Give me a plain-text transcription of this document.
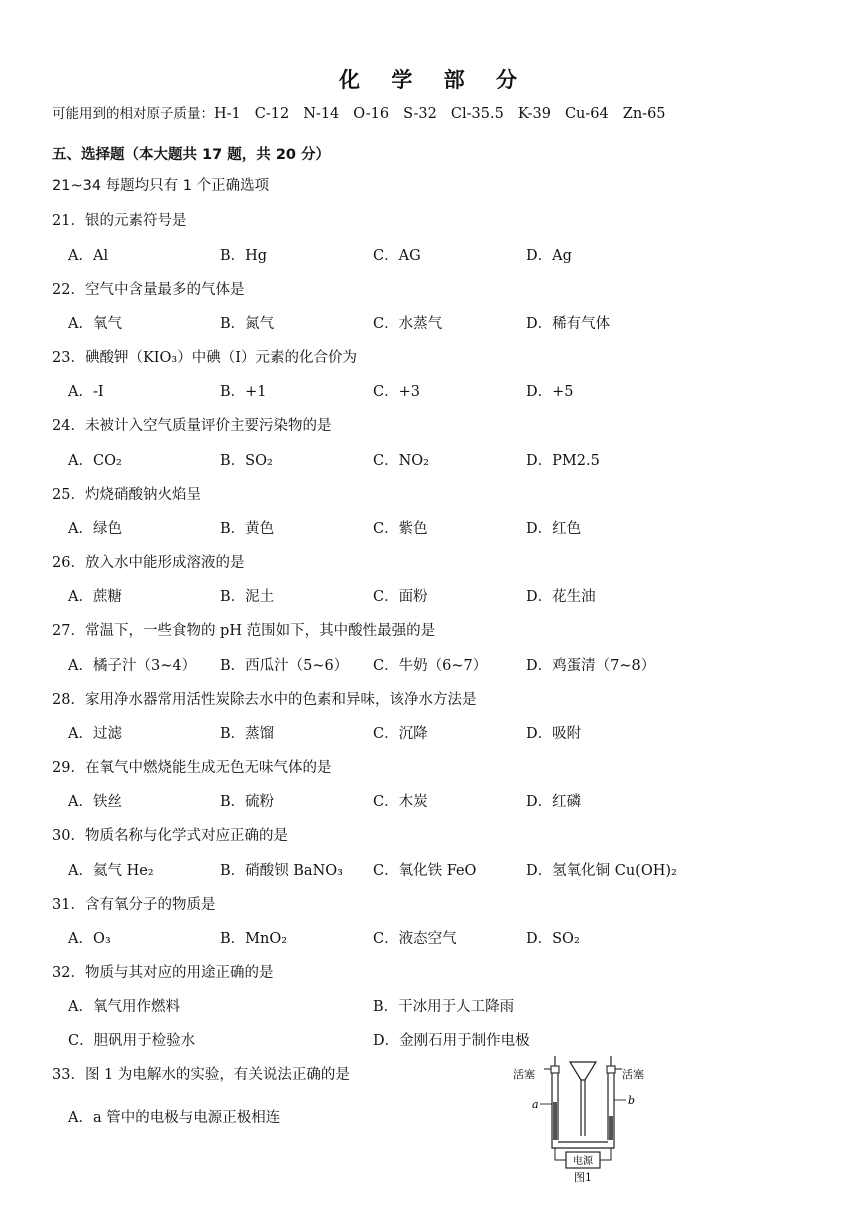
化 学 部 分
可能用到的相对原子质量：H-1 C-12 N-14 O-16 S-32 Cl-35.5 K-39 Cu-64 Zn-65
五、选择题（本大题共 17 题，共 20 分）
21~34 每题均只有 1 个正确选项
21．银的元素符号是
A．Al	B．Hg	C．AG	D．Ag
22．空气中含量最多的气体是
A．氧气	B．氮气	C．水蒸气	D．稀有气体
23．碘酸钾（KIO₃）中碘（I）元素的化合价为
A．-I	B．+1	C．+3	D．+5
24．未被计入空气质量评价主要污染物的是
A．CO₂	B．SO₂	C．NO₂	D．PM2.5
25．灼烧硝酸钠火焰呈
A．绿色	B．黄色	C．紫色	D．红色
26．放入水中能形成溶液的是
A．蔗糖	B．泥土	C．面粉	D．花生油
27．常温下，一些食物的 pH 范围如下，其中酸性最强的是
A．橘子汁（3~4） B．西瓜汁（5~6） C．牛奶（6~7）	D．鸡蛋清（7~8）
28．家用净水器常用活性炭除去水中的色素和异味，该净水方法是
A．过滤	B．蒸馏	C．沉降	D．吸附
29．在氧气中燃烧能生成无色无味气体的是
A．铁丝	B．硫粉	C．木炭	D．红磷
30．物质名称与化学式对应正确的是
A．氦气 He₂	B．硝酸钡 BaNO₃ C．氧化铁 FeO	D．氢氧化铜 Cu(OH)₂
31．含有氧分子的物质是
A．O₃	B．MnO₂	C．液态空气	D．SO₂
32．物质与其对应的用途正确的是
A．氧气用作燃料	B．干冰用于人工降雨
C．胆矾用于检验水	D．金刚石用于制作电极
33．图 1 为电解水的实验，有关说法正确的是
A．a 管中的电极与电源正极相连
活塞	活塞
a	b
电源
图1
